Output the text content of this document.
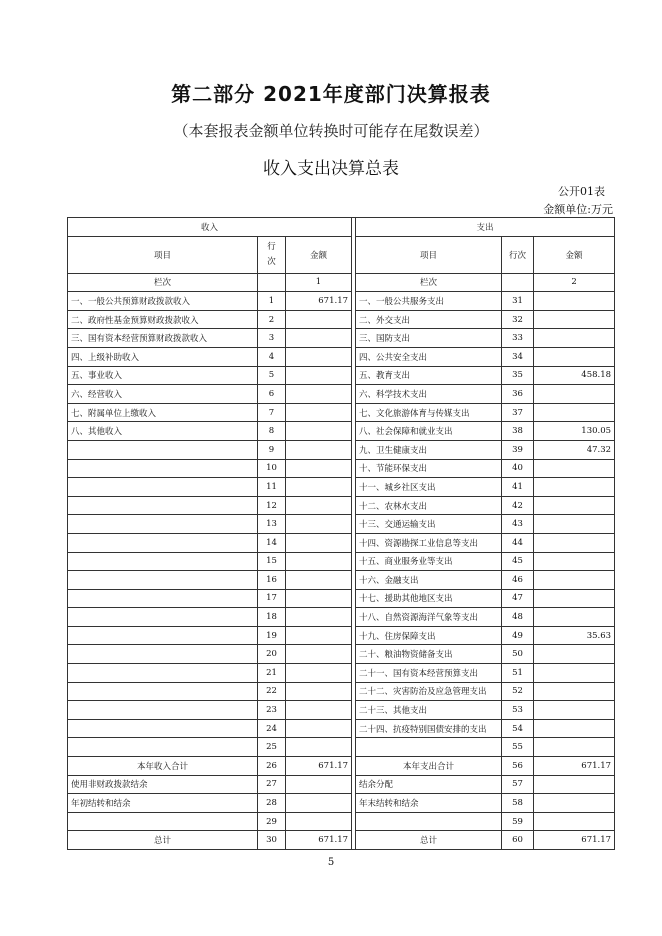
第二部分 2021年度部门决算报表
（本套报表金额单位转换时可能存在尾数误差）
收入支出决算总表
公开01表
金额单位:万元
收入				支出		
项目	行次	金额		项目	行次	金额
栏次		1		栏次		2
一、一般公共预算财政拨款收入	1	671.17		一、一般公共服务支出	31	
二、政府性基金预算财政拨款收入	2			二、外交支出	32	
三、国有资本经营预算财政拨款收入	3			三、国防支出	33	
四、上级补助收入	4			四、公共安全支出	34	
五、事业收入	5			五、教育支出	35	458.18
六、经营收入	6			六、科学技术支出	36	
七、附属单位上缴收入	7			七、文化旅游体育与传媒支出	37	
八、其他收入	8			八、社会保障和就业支出	38	130.05
	9			九、卫生健康支出	39	47.32
	10			十、节能环保支出	40	
	11			十一、城乡社区支出	41	
	12			十二、农林水支出	42	
	13			十三、交通运输支出	43	
	14			十四、资源勘探工业信息等支出	44	
	15			十五、商业服务业等支出	45	
	16			十六、金融支出	46	
	17			十七、援助其他地区支出	47	
	18			十八、自然资源海洋气象等支出	48	
	19			十九、住房保障支出	49	35.63
	20			二十、粮油物资储备支出	50	
	21			二十一、国有资本经营预算支出	51	
	22			二十二、灾害防治及应急管理支出	52	
	23			二十三、其他支出	53	
	24			二十四、抗疫特别国债安排的支出	54	
	25				55	
本年收入合计	26	671.17		本年支出合计	56	671.17
使用非财政拨款结余	27			结余分配	57	
年初结转和结余	28			年末结转和结余	58	
	29				59	
总计	30	671.17		总计	60	671.17
5
